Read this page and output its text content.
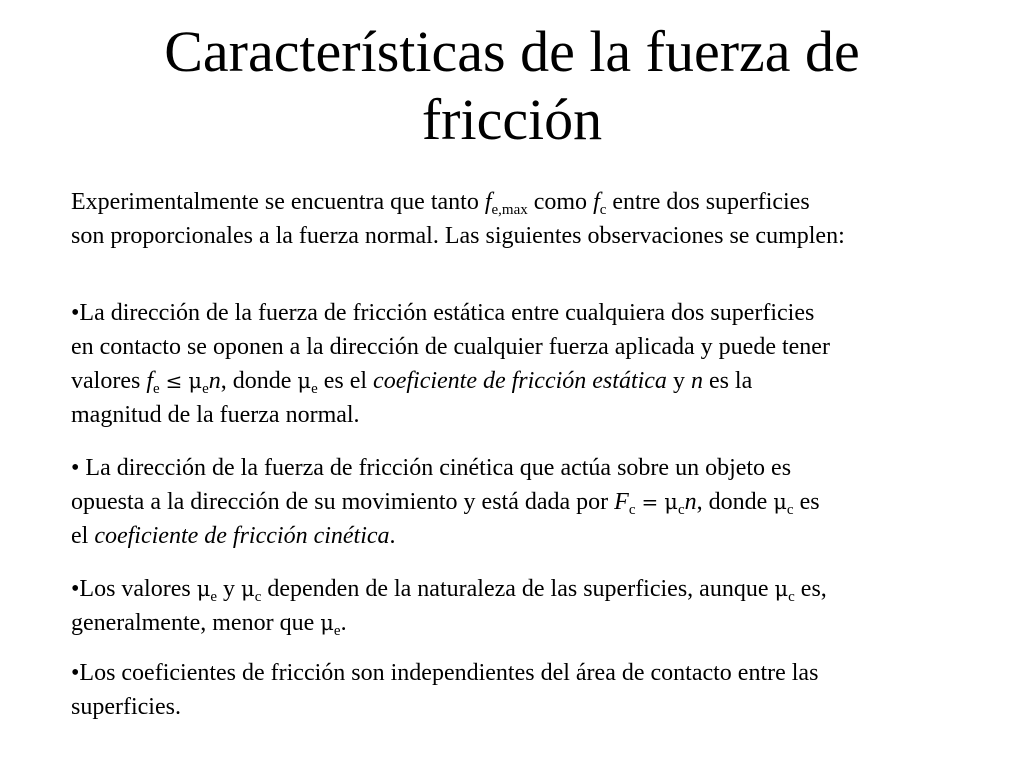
Características de la fuerza de
fricción
Experimentalmente se encuentra que tanto $f_{e,max}$ como $f_c$ entre dos superficies
son proporcionales a la fuerza normal. Las siguientes observaciones se cumplen:
•La dirección de la fuerza de fricción estática entre cualquiera dos superficies
en contacto se oponen a la dirección de cualquier fuerza aplicada y puede tener
valores $f_e \le \mu_en$, donde $\mu_e$ es el coeficiente de fricción estática y n es la
magnitud de la fuerza normal.
• La dirección de la fuerza de fricción cinética que actúa sobre un objeto es
opuesta a la dirección de su movimiento y está dada por $F_c = \mu_cn$, donde $\mu_c$ es
el coeficiente de fricción cinética.
•Los valores $\mu_e$ y $\mu_c$ dependen de la naturaleza de las superficies, aunque $\mu_c$ es,
generalmente, menor que $\mu_e$.
•Los coeficientes de fricción son independientes del área de contacto entre las
superficies.
